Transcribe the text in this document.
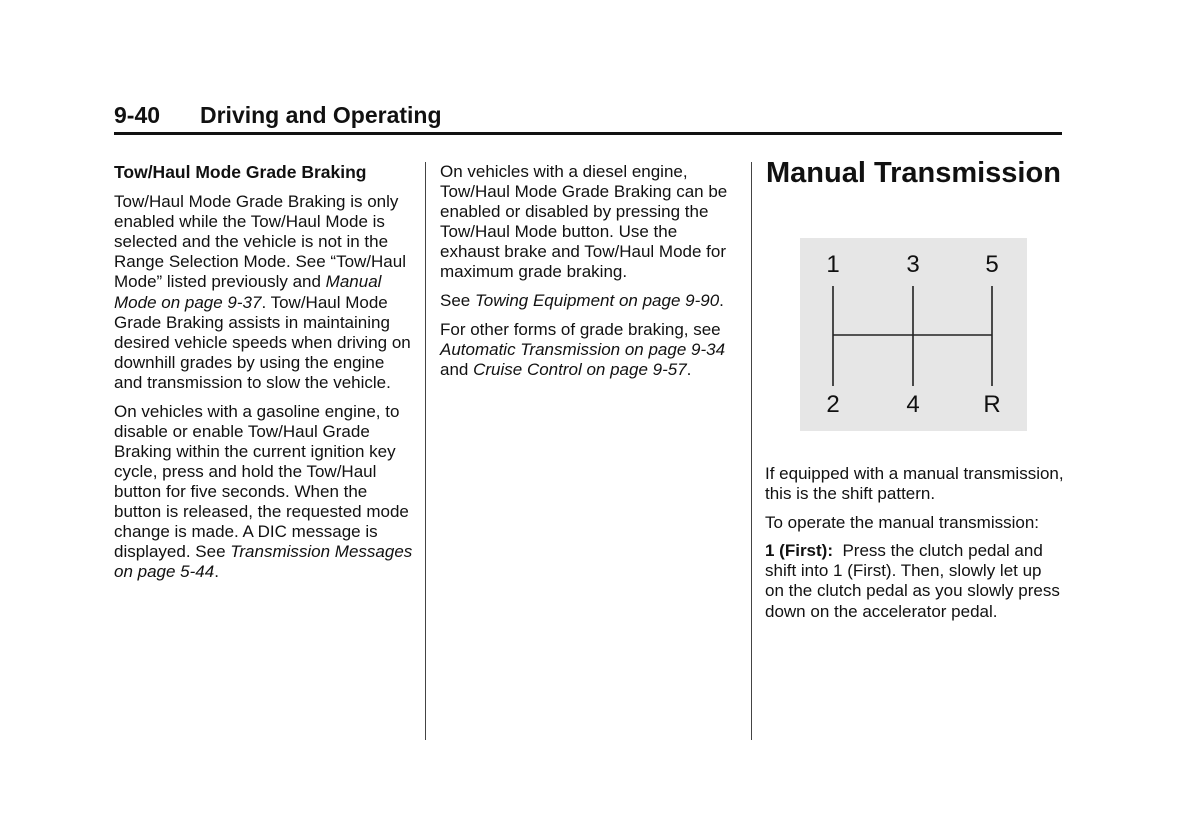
9-40 Driving and Operating
Tow/Haul Mode Grade Braking

Tow/Haul Mode Grade Braking is only enabled while the Tow/Haul Mode is selected and the vehicle is not in the Range Selection Mode. See “Tow/Haul Mode” listed previously and Manual Mode on page 9-37. Tow/Haul Mode Grade Braking assists in maintaining desired vehicle speeds when driving on downhill grades by using the engine and transmission to slow the vehicle.

On vehicles with a gasoline engine, to disable or enable Tow/Haul Grade Braking within the current ignition key cycle, press and hold the Tow/Haul button for five seconds. When the button is released, the requested mode change is made. A DIC message is displayed. See Transmission Messages on page 5-44.

On vehicles with a diesel engine, Tow/Haul Mode Grade Braking can be enabled or disabled by pressing the Tow/Haul Mode button. Use the exhaust brake and Tow/Haul Mode for maximum grade braking.

See Towing Equipment on page 9-90.

For other forms of grade braking, see Automatic Transmission on page 9-34 and Cruise Control on page 9-57.

Manual Transmission
1	3	5
2	4	R

If equipped with a manual transmission, this is the shift pattern.

To operate the manual transmission:

1 (First):  Press the clutch pedal and shift into 1 (First). Then, slowly let up on the clutch pedal as you slowly press down on the accelerator pedal.
